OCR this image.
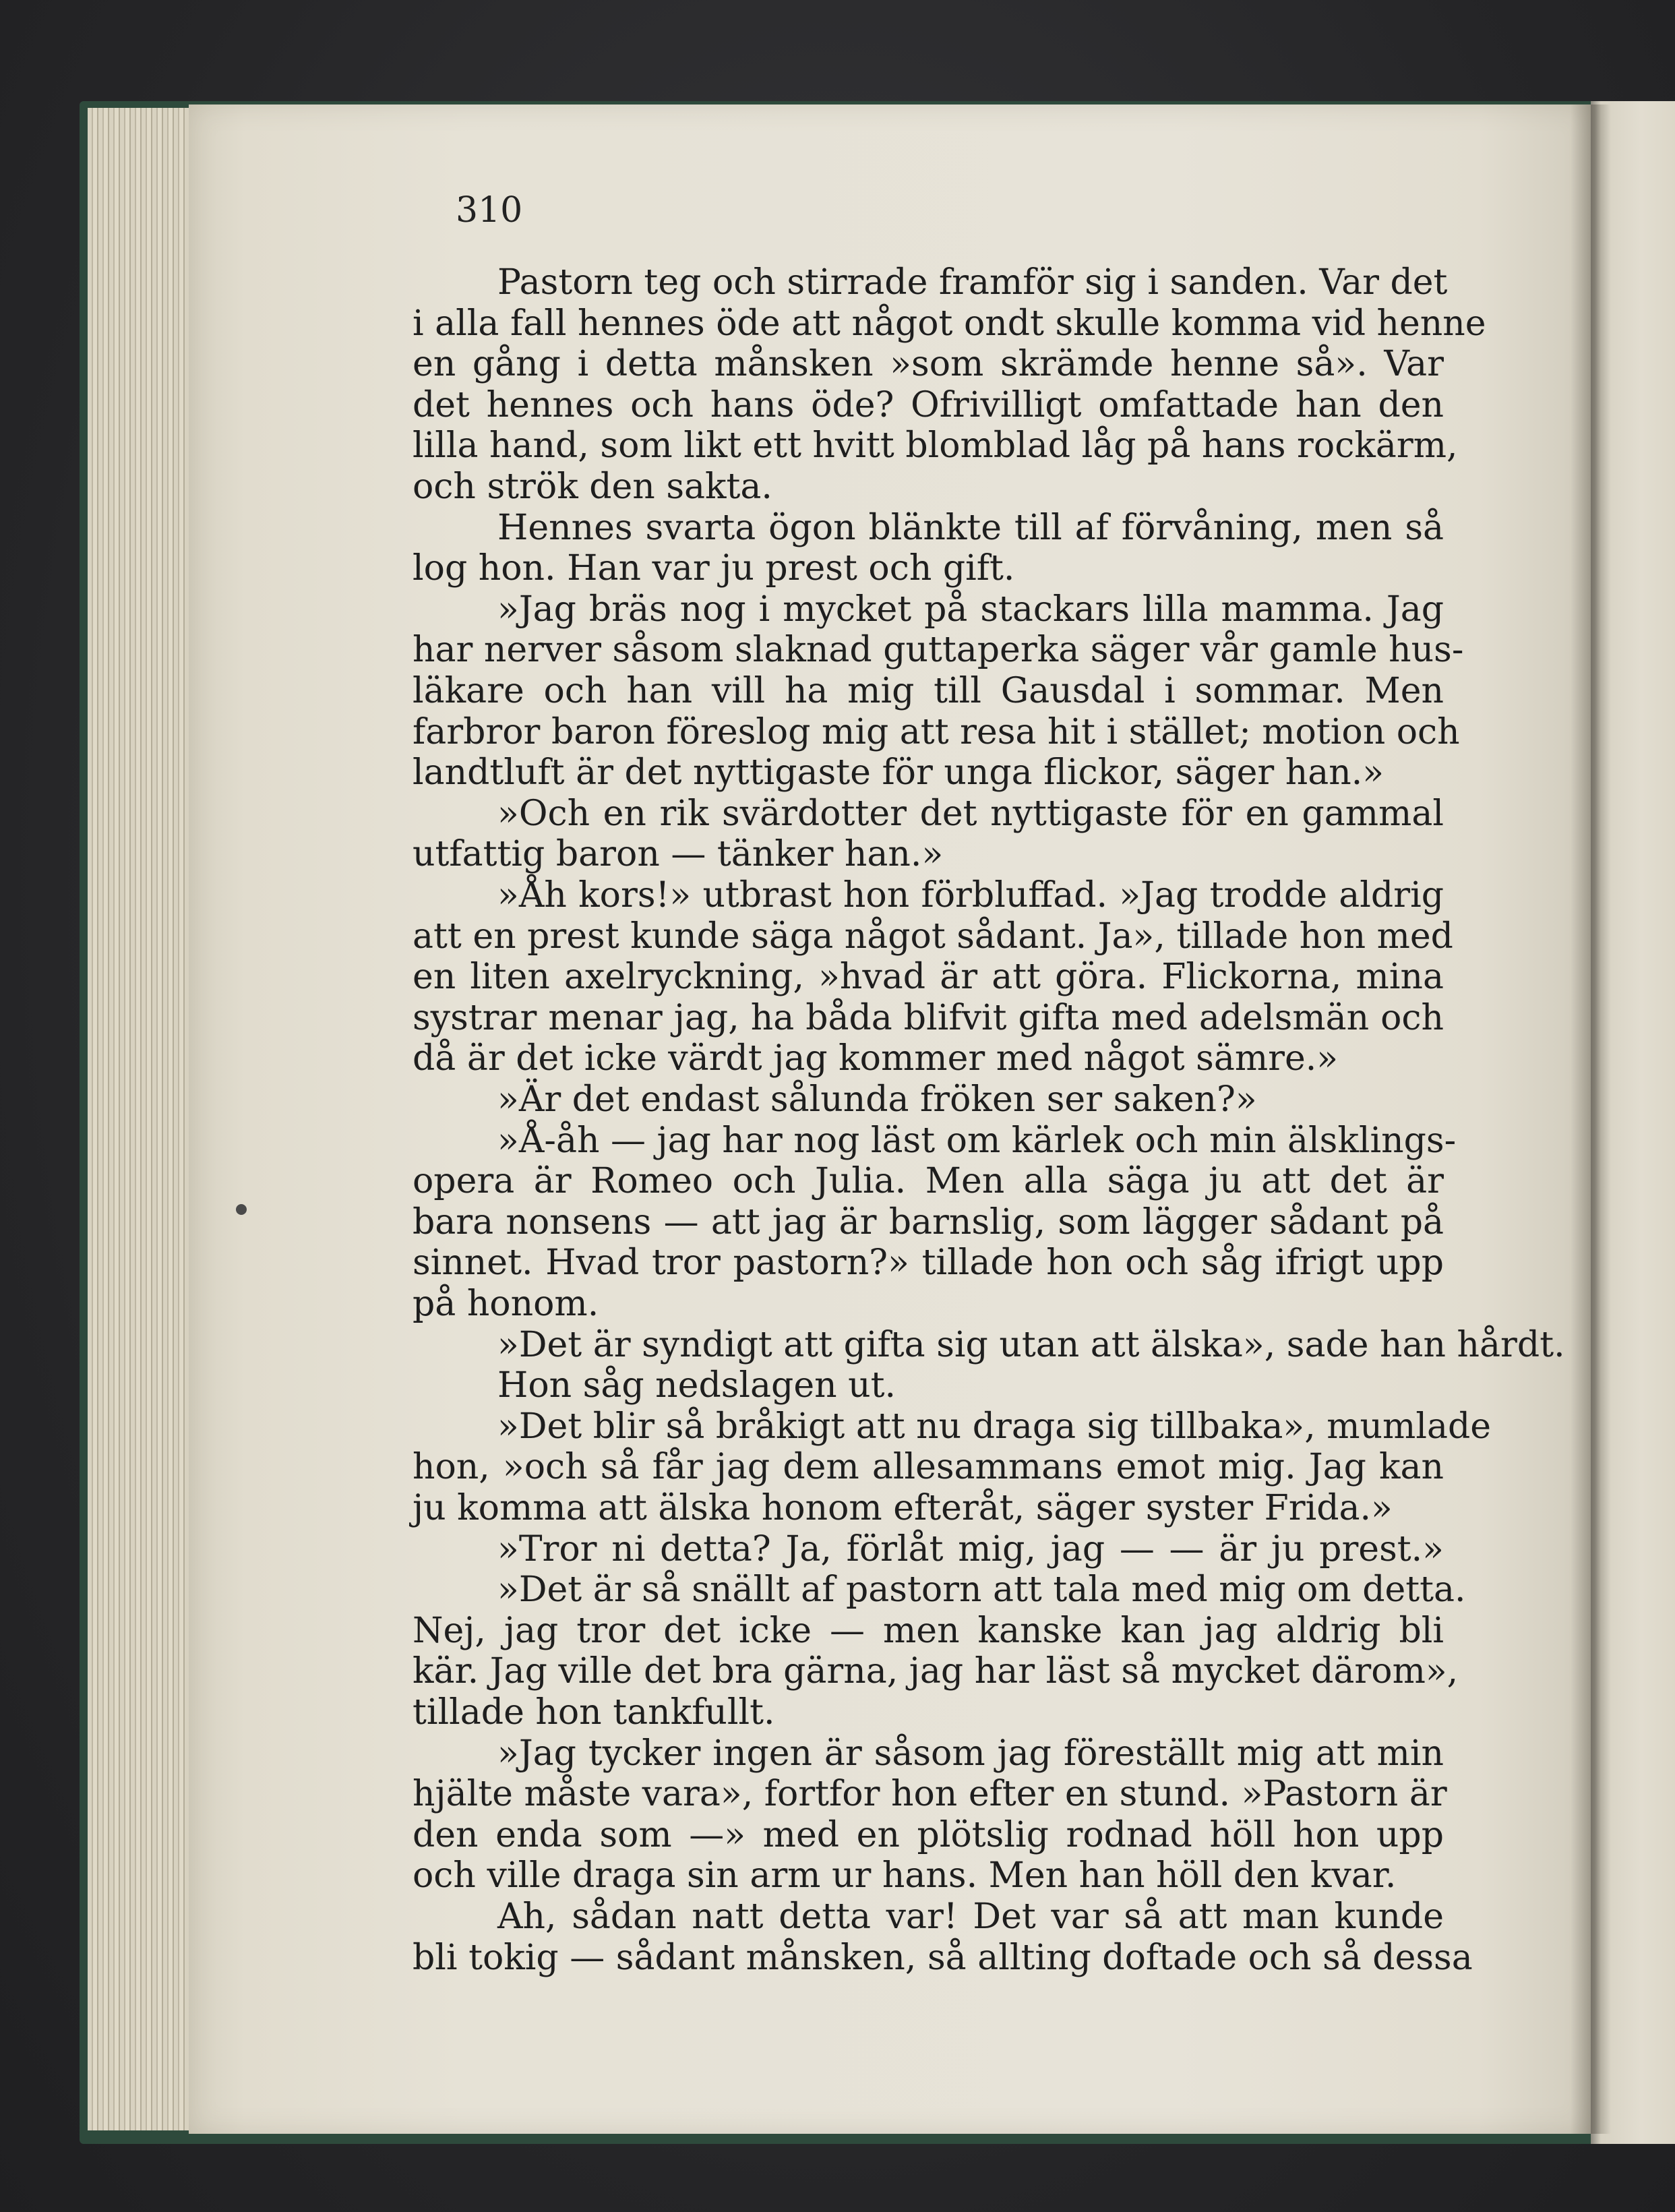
310
Pastorn teg och stirrade framför sig i sanden. Var det
i alla fall hennes öde att något ondt skulle komma vid henne
en gång i detta månsken »som skrämde henne så». Var
det hennes och hans öde? Ofrivilligt omfattade han den
lilla hand, som likt ett hvitt blomblad låg på hans rockärm,
och strök den sakta.
Hennes svarta ögon blänkte till af förvåning, men så
log hon. Han var ju prest och gift.
»Jag bräs nog i mycket på stackars lilla mamma. Jag
har nerver såsom slaknad guttaperka säger vår gamle hus-
läkare och han vill ha mig till Gausdal i sommar. Men
farbror baron föreslog mig att resa hit i stället; motion och
landtluft är det nyttigaste för unga flickor, säger han.»
»Och en rik svärdotter det nyttigaste för en gammal
utfattig baron — tänker han.»
»Åh kors!» utbrast hon förbluffad. »Jag trodde aldrig
att en prest kunde säga något sådant. Ja», tillade hon med
en liten axelryckning, »hvad är att göra. Flickorna, mina
systrar menar jag, ha båda blifvit gifta med adelsmän och
då är det icke värdt jag kommer med något sämre.»
»Är det endast sålunda fröken ser saken?»
»Å-åh — jag har nog läst om kärlek och min älsklings-
opera är Romeo och Julia. Men alla säga ju att det är
bara nonsens — att jag är barnslig, som lägger sådant på
sinnet. Hvad tror pastorn?» tillade hon och såg ifrigt upp
på honom.
»Det är syndigt att gifta sig utan att älska», sade han hårdt.
Hon såg nedslagen ut.
»Det blir så bråkigt att nu draga sig tillbaka», mumlade
hon, »och så får jag dem allesammans emot mig. Jag kan
ju komma att älska honom efteråt, säger syster Frida.»
»Tror ni detta? Ja, förlåt mig, jag — — är ju prest.»
»Det är så snällt af pastorn att tala med mig om detta.
Nej, jag tror det icke — men kanske kan jag aldrig bli
kär. Jag ville det bra gärna, jag har läst så mycket därom»,
tillade hon tankfullt.
»Jag tycker ingen är såsom jag föreställt mig att min
hjälte måste vara», fortfor hon efter en stund. »Pastorn är
den enda som —» med en plötslig rodnad höll hon upp
och ville draga sin arm ur hans. Men han höll den kvar.
Ah, sådan natt detta var! Det var så att man kunde
bli tokig — sådant månsken, så allting doftade och så dessa
